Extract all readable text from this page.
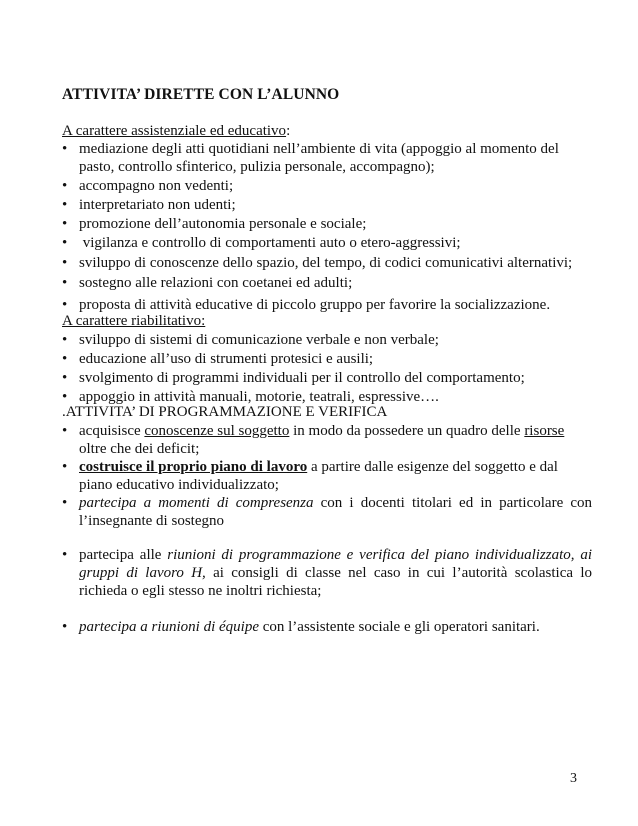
ATTIVITA’ DIRETTE CON L’ALUNNO
A carattere assistenziale ed educativo:
• mediazione degli atti quotidiani nell’ambiente di vita (appoggio al momento del pasto, controllo sfinterico, pulizia personale, accompagno);
• accompagno non vedenti;
• interpretariato non udenti;
• promozione dell’autonomia personale e sociale;
• vigilanza e controllo di comportamenti auto o etero-aggressivi;
• sviluppo di conoscenze dello spazio, del tempo, di codici comunicativi alternativi;
• sostegno alle relazioni con coetanei ed adulti;
• proposta di attività educative di piccolo gruppo per favorire la socializzazione.
A carattere riabilitativo:
• sviluppo di sistemi di comunicazione verbale e non verbale;
• educazione all’uso di strumenti protesici e ausili;
• svolgimento di programmi individuali per il controllo del comportamento;
• appoggio in attività manuali, motorie, teatrali, espressive….
.ATTIVITA’ DI PROGRAMMAZIONE E VERIFICA
• acquisisce conoscenze sul soggetto in modo da possedere un quadro delle risorse oltre che dei deficit;
• costruisce il proprio piano di lavoro a partire dalle esigenze del soggetto e dal piano educativo individualizzato;
• partecipa a momenti di compresenza con i docenti titolari ed in particolare con l’insegnante di sostegno
• partecipa alle riunioni di programmazione e verifica del piano individualizzato, ai gruppi di lavoro H, ai consigli di classe nel caso in cui l’autorità scolastica lo richieda o egli stesso ne inoltri richiesta;
• partecipa a riunioni di équipe con l’assistente sociale e gli operatori sanitari.
3
